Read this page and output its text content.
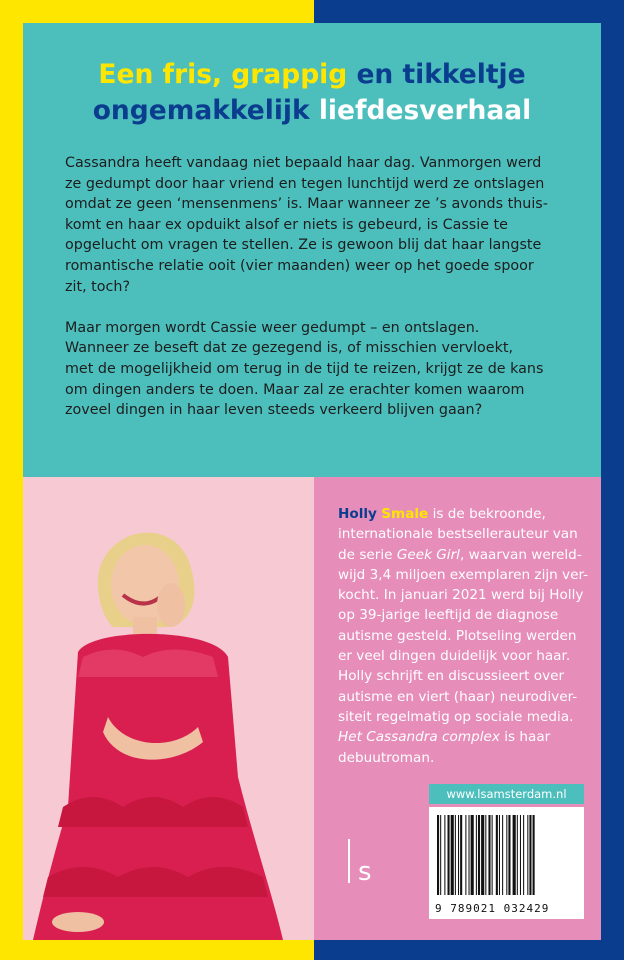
Een fris, grappig en tikkeltje
ongemakkelijk liefdesverhaal

Cassandra heeft vandaag niet bepaald haar dag. Vanmorgen werd
ze gedumpt door haar vriend en tegen lunchtijd werd ze ontslagen
omdat ze geen ‘mensenmens’ is. Maar wanneer ze ’s avonds thuis-
komt en haar ex opduikt alsof er niets is gebeurd, is Cassie te
opgelucht om vragen te stellen. Ze is gewoon blij dat haar langste
romantische relatie ooit (vier maanden) weer op het goede spoor
zit, toch?

Maar morgen wordt Cassie weer gedumpt – en ontslagen.
Wanneer ze beseft dat ze gezegend is, of misschien vervloekt,
met de mogelijkheid om terug in de tijd te reizen, krijgt ze de kans
om dingen anders te doen. Maar zal ze erachter komen waarom
zoveel dingen in haar leven steeds verkeerd blijven gaan?

Holly Smale is de bekroonde,
internationale bestsellerauteur van
de serie Geek Girl, waarvan wereld-
wijd 3,4 miljoen exemplaren zijn ver-
kocht. In januari 2021 werd bij Holly
op 39-jarige leeftijd de diagnose
autisme gesteld. Plotseling werden
er veel dingen duidelijk voor haar.
Holly schrijft en discussieert over
autisme en viert (haar) neurodiver-
siteit regelmatig op sociale media.
Het Cassandra complex is haar
debuutroman.
s
www.lsamsterdam.nl
9 789021 032429
